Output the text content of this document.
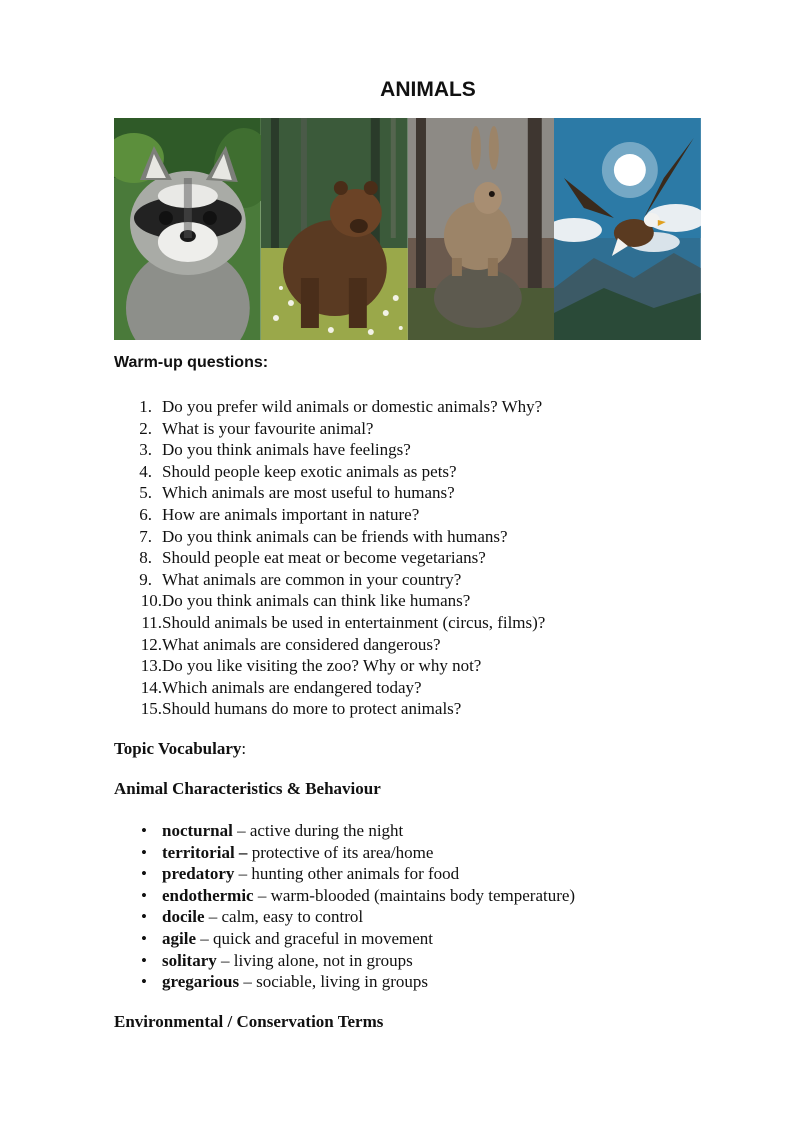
ANIMALS
Warm-up questions:
1. Do you prefer wild animals or domestic animals? Why?
2. What is your favourite animal?
3. Do you think animals have feelings?
4. Should people keep exotic animals as pets?
5. Which animals are most useful to humans?
6. How are animals important in nature?
7. Do you think animals can be friends with humans?
8. Should people eat meat or become vegetarians?
9. What animals are common in your country?
10. Do you think animals can think like humans?
11. Should animals be used in entertainment (circus, films)?
12. What animals are considered dangerous?
13. Do you like visiting the zoo? Why or why not?
14. Which animals are endangered today?
15. Should humans do more to protect animals?
Topic Vocabulary:
Animal Characteristics & Behaviour
• nocturnal – active during the night
• territorial – protective of its area/home
• predatory – hunting other animals for food
• endothermic – warm-blooded (maintains body temperature)
• docile – calm, easy to control
• agile – quick and graceful in movement
• solitary – living alone, not in groups
• gregarious – sociable, living in groups
Environmental / Conservation Terms
